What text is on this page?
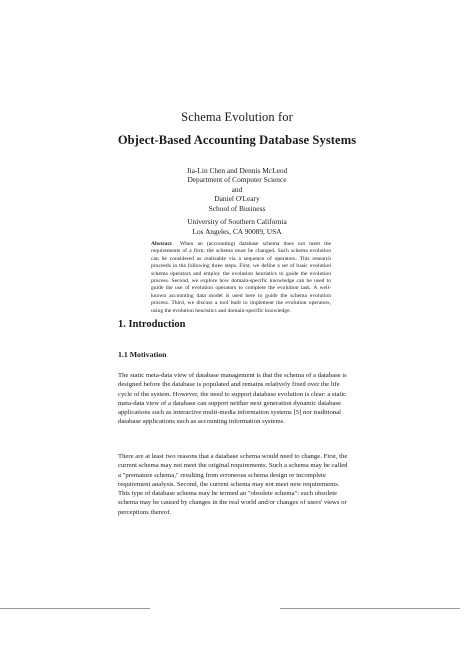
Schema Evolution for
Object-Based Accounting Database Systems
Jia-Lin Chen and Dennis McLeod
Department of Computer Science
and
Daniel O'Leary
School of Business
University of Southern California
Los Angeles, CA 90089, USA
Abstract When an (accounting) database schema does not meet the requirements of a firm, the schema must be changed. Such schema evolution can be considered as realizable via a sequence of operators. This research proceeds in the following three steps. First, we define a set of basic evolution schema operators and employ the evolution heuristics to guide the evolution process. Second, we explore how domain-specific knowledge can be used to guide the use of evolution operators to complete the evolution task. A well-known accounting data model is used here to guide the schema evolution process. Third, we discuss a tool built to implement the evolution operators, using the evolution heuristics and domain-specific knowledge.
1. Introduction
1.1 Motivation
The static meta-data view of database management is that the schema of a database is
designed before the database is populated and remains relatively fixed over the life
cycle of the system. However, the need to support database evolution is clear: a static
meta-data view of a database can support neither next generation dynamic database
applications such as interactive multi-media information systems [5] nor traditional
database applications such as accounting information systems.
There are at least two reasons that a database schema would need to change. First, the
current schema may not meet the original requirements. Such a schema may be called
a "premature schema," resulting from erroneous schema design or incomplete
requirement analysis. Second, the current schema may not meet new requirements.
This type of database schema may be termed an "obsolete schema": such obsolete
schema may be caused by changes in the real world and/or changes of users' views or
perceptions thereof.
